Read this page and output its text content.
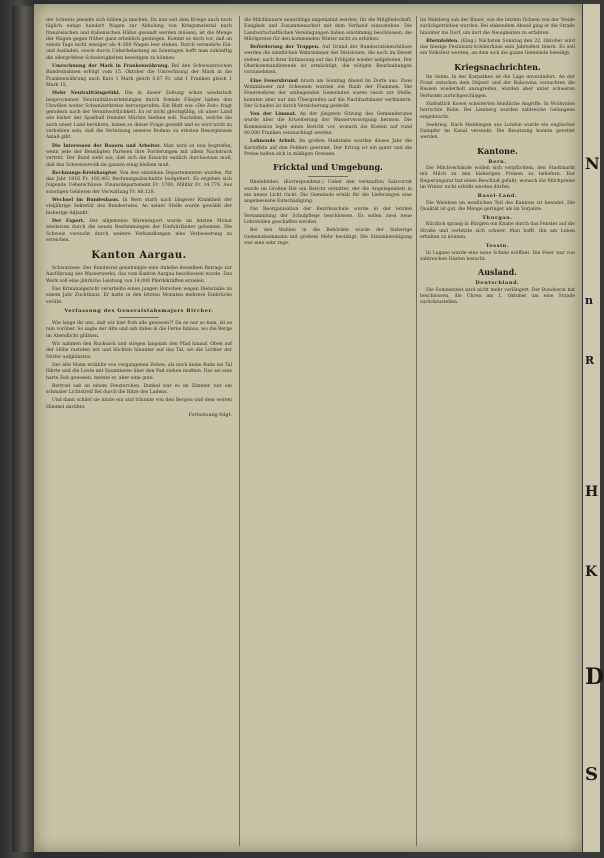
der Schweiz jenseits sich hüben ja machen. Da nun seit dem Kriege auch noch täglich einige hundert Wagen zur Abholung von Kriegsmaterial nach französischen und italienischen Häfen gesandt werden müssen, ist die Menge der Wagen gegen früher ganz erheblich gestiegen. Kommt es doch vor, daß an einem Tage nicht weniger als 4–500 Wagen leer stehen. Durch vermehrte Ein- und Ausladen, sowie durch Ueberbelastung an Sonntagen hofft man zukünftig die allergrößten Schwierigkeiten beseitigen zu können.

Umrechnung der Mark in Frankenwährung. Bei den Schweizerischen Bundesbahnen erfolgt vom 15. Oktober die Umrechnung der Mark in die Frankenwährung nach Kurs 1 Mark gleich 0,87 Fr. und 1 Franken gleich 1 Mark 15.

Mehr Neutralitätsgefühl. Die in dieser Zeitung schon wiederholt besprochenen Neutralitätsverletzungen durch fremde Flieger haben den Unwillen weiter Schweizerkreise hervorgerufen. Ein Blatt wie »Die Zeit« fragt geradezu nach der Verantwortlichkeit. Es ist nicht gleichgültig, ob unser Land wie bisher der Spielball fremder Mächte bleiben soll. Nachdem, welche die auch unser Land berühren, haben zu dieser Frage gestellt und es wird nicht zu verhehlen sein, daß die Verletzung unseres Bodens zu ernsten Besorgnissen Anlaß gibt.

Die Interessen der Bauern und Arbeiter. Man wird es nun begreifen, wenn jede der Beteiligten Parteien ihre Forderungen mit allem Nachdruck vertritt. Der Bund sieht ein, daß sich die Einsicht endlich durchsetzen muß, daß das Schweizervolk im ganzen einig bleiben muß.

Rechnungs-Kreishaupter. Von den einzelnen Departementen wurden, für das Jahr 1916 Fr. 102,402 Rechnungsabschnitte budgetiert. Es ergeben sich folgende Ueberschüsse: Finanzdepartement Fr. 1700, Militär Fr. 14,779. Aus sonstigen Gebieten der Verwaltung Fr. 86,128.

Wechsel im Bundeshaus. In Bern starb nach längerer Krankheit der vieljährige Sekretär des Bundesrates. An seiner Stelle wurde gewählt der bisherige Adjunkt.

Der Export. Der allgemeine Warenexport wurde im letzten Monat wiederum durch die neuen Bestimmungen der Einfuhrländer gehemmt. Die Schweiz versucht durch weitere Verhandlungen eine Verbesserung zu erreichen.

Kanton Aargau.

Schwarzsee. Der Bundesrat genehmigte eine Anleihe desselben Betrags zur Ausführung des Wasserwerks, das vom Kanton Aargau beschlossen wurde. Das Werk soll eine jährliche Leistung von 14,000 Pferdekräften erzielen.

Das Kriminalgericht verurteilte einen jungen Burschen wegen Diebstahls zu einem Jahr Zuchthaus. Er hatte in den letzten Monaten mehrere Einbrüche verübt.

Verfassung des Generalstabsmajors Bircher.

Wie lange ihr uns, daß wir hier froh alle gewesen?! Da es nur so kam, ist es nun vorüber. So sagte der Alte und sah dabei in die Ferne hinaus, wo die Berge im Abendlicht glühten.

Wir nahmen den Rucksack und stiegen langsam den Pfad hinauf. Oben auf der Höhe rasteten wir und blickten hinunter auf das Tal, wo die Lichter der Dörfer aufglänzten.

Der alte Mann erzählte von vergangenen Zeiten, als noch keine Bahn ins Tal führte und die Leute mit Saumtieren über den Paß ziehen mußten. Das sei eine harte Zeit gewesen, meinte er, aber eine gute.

Bertrud saß an einem Fensterchen. Dunkel war es im Zimmer, nur ein schmaler Lichtstreif fiel durch die Ritze des Ladens.

Und dann schlief sie müde ein und träumte von den Bergen und dem weiten Himmel darüber.

Fortsetzung folgt.

die Milchbauern neuerdings angemahnt werden, für die Mitgliedschaft, Einigkeit und Zusammenarbeit mit dem Verband einzustehen. Die Landwirtschaftlichen Vereinigungen haben einstimmig beschlossen, die Milchpreise für den kommenden Winter nicht zu erhöhen.

Beförderung der Truppen. Auf Grund der Bundesratsbeschlüsse werden die sämtlichen Wehrmänner der Divisionen, die noch im Dienst stehen, nach ihrer Entlassung auf das Frühjahr wieder aufgeboten. Der Oberkommandierende ist ermächtigt, die nötigen Beurlaubungen vorzunehmen.

Eine Feuersbrunst brach am Sonntag Abend im Dorfe aus. Zwei Wohnhäuser mit Scheunen wurden ein Raub der Flammen. Die Feuerwehren der umliegenden Gemeinden waren rasch zur Stelle, konnten aber nur das Übergreifen auf die Nachbarhäuser verhindern. Der Schaden ist durch Versicherung gedeckt.

Von der Limmat. An der jüngsten Sitzung des Gemeinderates wurde über die Erweiterung der Wasserversorgung beraten. Die Kommission legte einen Bericht vor, wonach die Kosten auf rund 80,000 Franken veranschlagt werden.

Lohnende Arbeit. Im großen Maßstabe wurden dieses Jahr die Kartoffeln auf den Feldern geerntet. Der Ertrag ist ein guter und die Preise halten sich in mäßigen Grenzen.

Fricktal und Umgebung.

Rheinfelden. (Korrespondenz.) Ueber den verkauften Salzvorrat wurde im Großen Rat ein Bericht erstattet, der die Angelegenheit in ein neues Licht rückt. Die Gemeinde erhält für die Lieferungen eine angemessene Entschädigung.

Die Reorganisation der Bezirksschule wurde in der letzten Versammlung der Schulpflege beschlossen. Es sollen zwei neue Lehrstellen geschaffen werden.

Bei den Wahlen in die Behörden wurde der bisherige Gemeindeammann mit großem Mehr bestätigt. Die Stimmbeteiligung war eine sehr rege.

Im Welsberg sah der Bauer, wie die letzten Ochsen von der Weide zurückgetrieben wurden. Bei sinkendem Abend ging er die Straße hinunter ins Dorf, um dort die Neuigkeiten zu erfahren.

Rheinfelden. (Eing.) Nächsten Sonntag den 22. Oktober wird das hiesige Pestalozzi-Schülerhaus sein Jahresfest feiern. Es soll ein Volksfest werden, an dem sich die ganze Gemeinde beteiligt.

Kriegsnachrichten.

Im Osten. In der Karpathen ist die Lage unverändert. An der Front zwischen dem Dnjestr und der Bukowina versuchten die Russen wiederholt anzugreifen, wurden aber unter schweren Verlusten zurückgeschlagen.

Südöstlich Kowel scheiterten feindliche Angriffe. In Wolhynien herrschte Ruhe. Bei Lemberg wurden zahlreiche Gefangene eingebracht.

Seekrieg. Nach Meldungen aus London wurde ein englischer Dampfer im Kanal versenkt. Die Besatzung konnte gerettet werden.

Kantone.
Bern.

Die Milchverbände wollen sich verpflichten, den Stadtmarkt mit Milch zu den bisherigen Preisen zu beliefern. Der Regierungsrat hat einen Beschluß gefaßt, wonach die Milchpreise im Winter nicht erhöht werden dürfen.

Basel-Land.

Die Weinlese im westlichen Teil des Kantons ist beendet. Die Qualität ist gut, die Menge geringer als im Vorjahre.

Thurgau.

Kürzlich sprang in Bürglen ein Knabe durch das Fenster auf die Straße und verletzte sich schwer. Man hofft, ihn am Leben erhalten zu können.

Tessin.

In Lugano wurde eine neue Schule eröffnet. Die Feier war von zahlreichen Gästen besucht.

Ausland.
Deutschland.

Die Sommerzeit wird nicht mehr verlängert. Der Bundesrat hat beschlossen, die Uhren am 1. Oktober um eine Stunde zurückzustellen.

N
n
R
H
K
D
S
